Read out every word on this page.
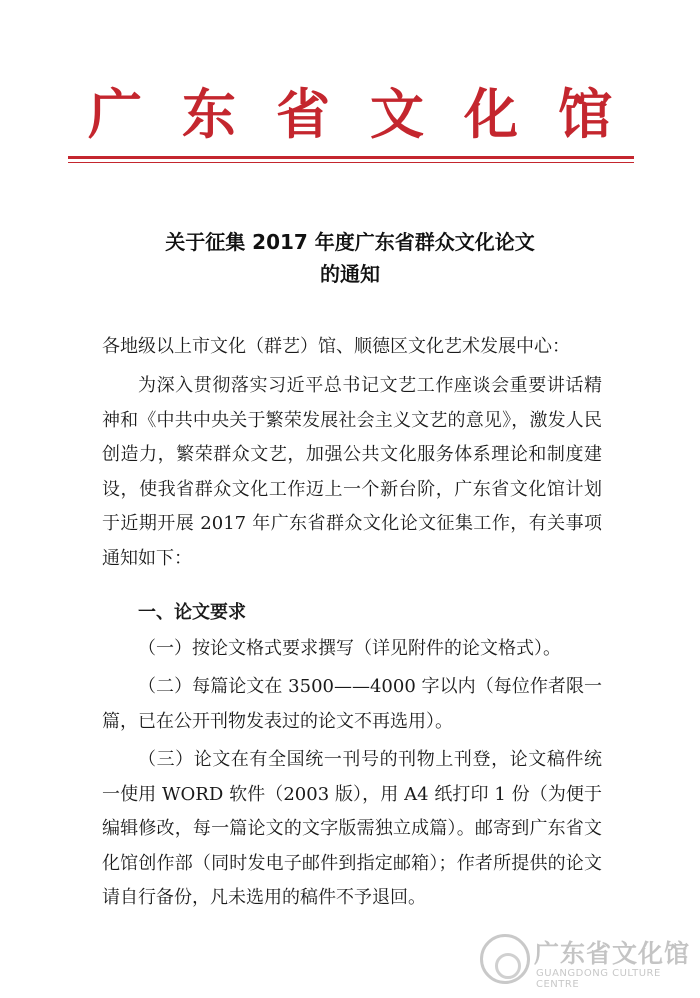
广东省文化馆
关于征集 2017 年度广东省群众文化论文
的通知
各地级以上市文化（群艺）馆、顺德区文化艺术发展中心：
为深入贯彻落实习近平总书记文艺工作座谈会重要讲话精神和《中共中央关于繁荣发展社会主义文艺的意见》，激发人民创造力，繁荣群众文艺，加强公共文化服务体系理论和制度建设，使我省群众文化工作迈上一个新台阶，广东省文化馆计划于近期开展 2017 年广东省群众文化论文征集工作，有关事项通知如下：
一、论文要求
（一）按论文格式要求撰写（详见附件的论文格式）。
（二）每篇论文在 3500——4000 字以内（每位作者限一篇，已在公开刊物发表过的论文不再选用）。
（三）论文在有全国统一刊号的刊物上刊登，论文稿件统一使用 WORD 软件（2003 版），用 A4 纸打印 1 份（为便于编辑修改，每一篇论文的文字版需独立成篇）。邮寄到广东省文化馆创作部（同时发电子邮件到指定邮箱）；作者所提供的论文请自行备份，凡未选用的稿件不予退回。
广东省文化馆
GUANGDONG CULTURE CENTRE
